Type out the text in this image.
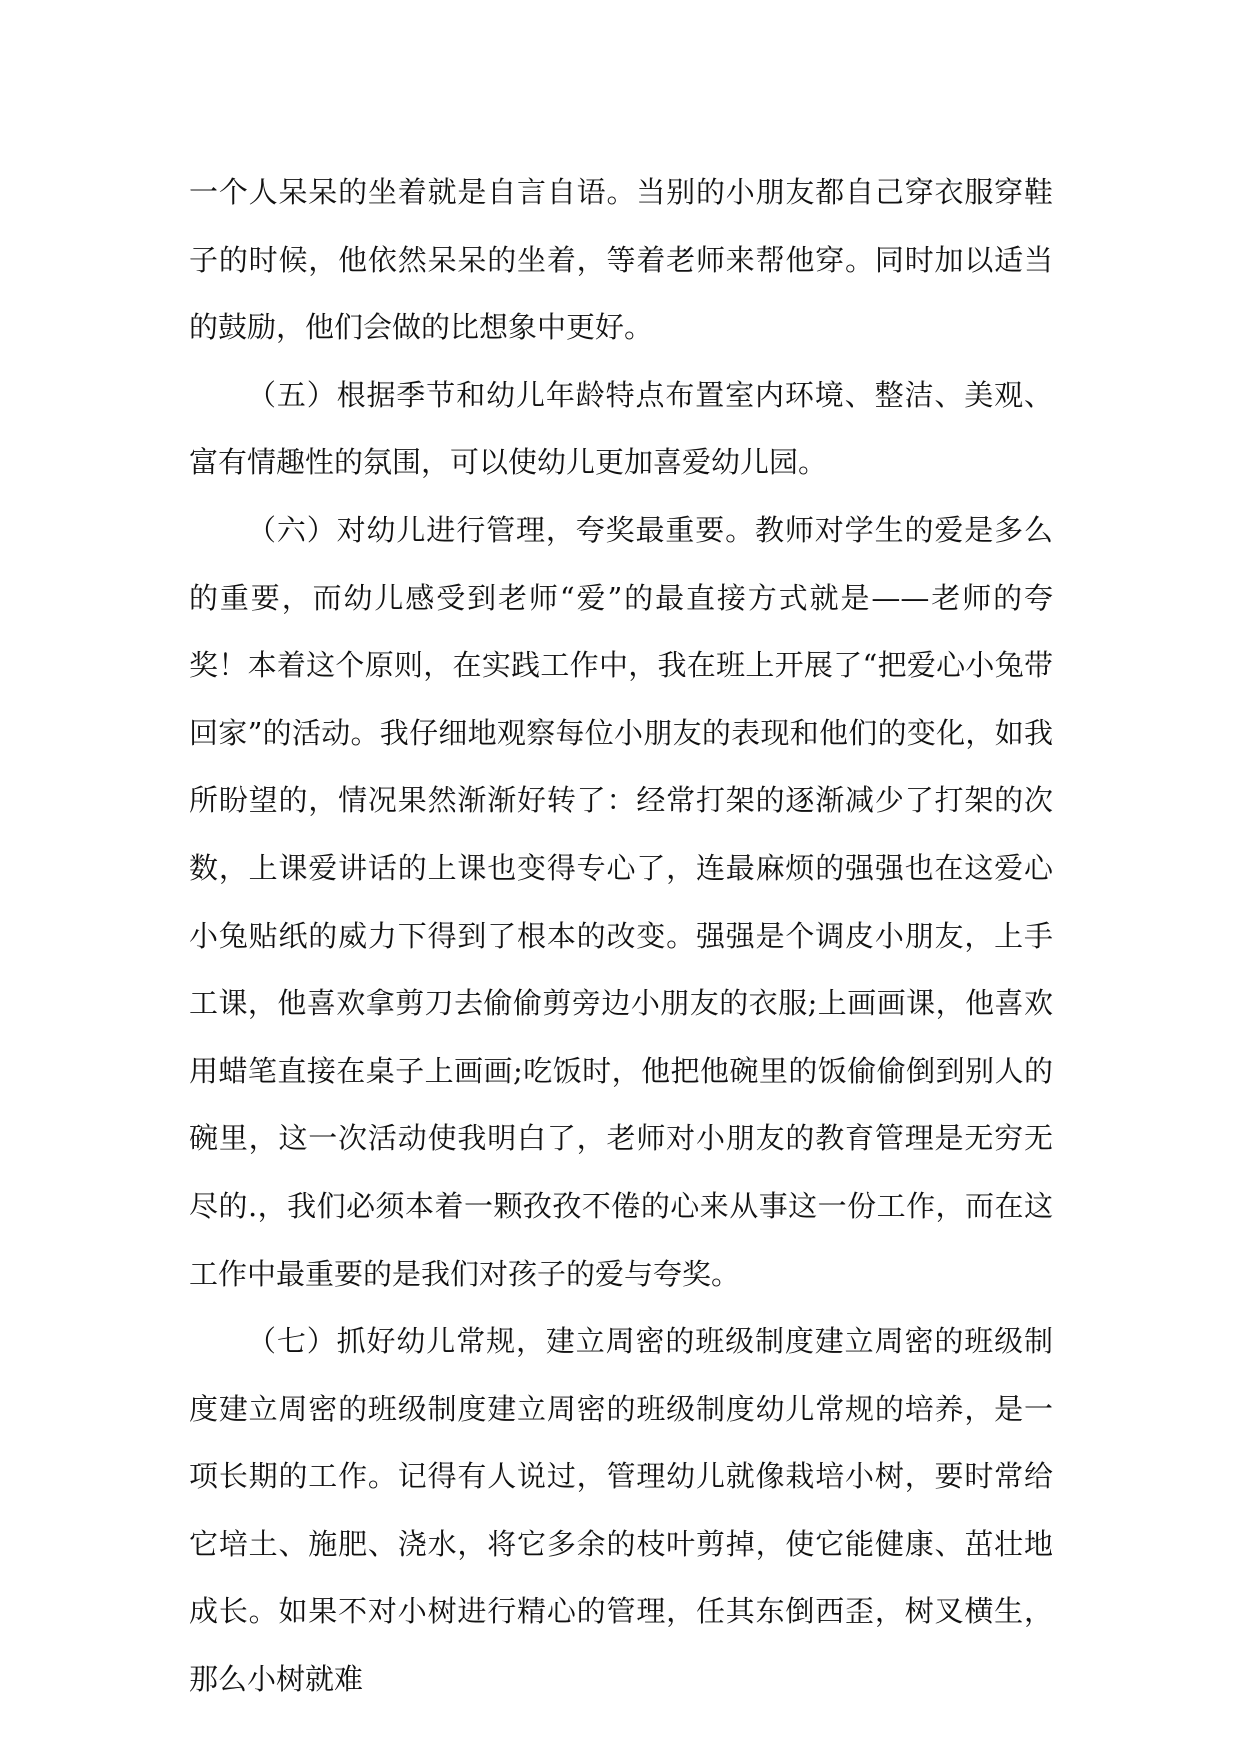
一个人呆呆的坐着就是自言自语。当别的小朋友都自己穿衣服穿鞋子的时候，他依然呆呆的坐着，等着老师来帮他穿。同时加以适当的鼓励，他们会做的比想象中更好。

（五）根据季节和幼儿年龄特点布置室内环境、整洁、美观、富有情趣性的氛围，可以使幼儿更加喜爱幼儿园。

（六）对幼儿进行管理，夸奖最重要。教师对学生的爱是多么的重要，而幼儿感受到老师“爱”的最直接方式就是——老师的夸奖！本着这个原则，在实践工作中，我在班上开展了“把爱心小兔带回家”的活动。我仔细地观察每位小朋友的表现和他们的变化，如我所盼望的，情况果然渐渐好转了：经常打架的逐渐减少了打架的次数，上课爱讲话的上课也变得专心了，连最麻烦的强强也在这爱心小兔贴纸的威力下得到了根本的改变。强强是个调皮小朋友，上手工课，他喜欢拿剪刀去偷偷剪旁边小朋友的衣服;上画画课，他喜欢用蜡笔直接在桌子上画画;吃饭时，他把他碗里的饭偷偷倒到别人的碗里，这一次活动使我明白了，老师对小朋友的教育管理是无穷无尽的.，我们必须本着一颗孜孜不倦的心来从事这一份工作，而在这工作中最重要的是我们对孩子的爱与夸奖。

（七）抓好幼儿常规，建立周密的班级制度建立周密的班级制度建立周密的班级制度建立周密的班级制度幼儿常规的培养，是一项长期的工作。记得有人说过，管理幼儿就像栽培小树，要时常给它培土、施肥、浇水，将它多余的枝叶剪掉，使它能健康、茁壮地成长。如果不对小树进行精心的管理，任其东倒西歪，树叉横生，那么小树就难
